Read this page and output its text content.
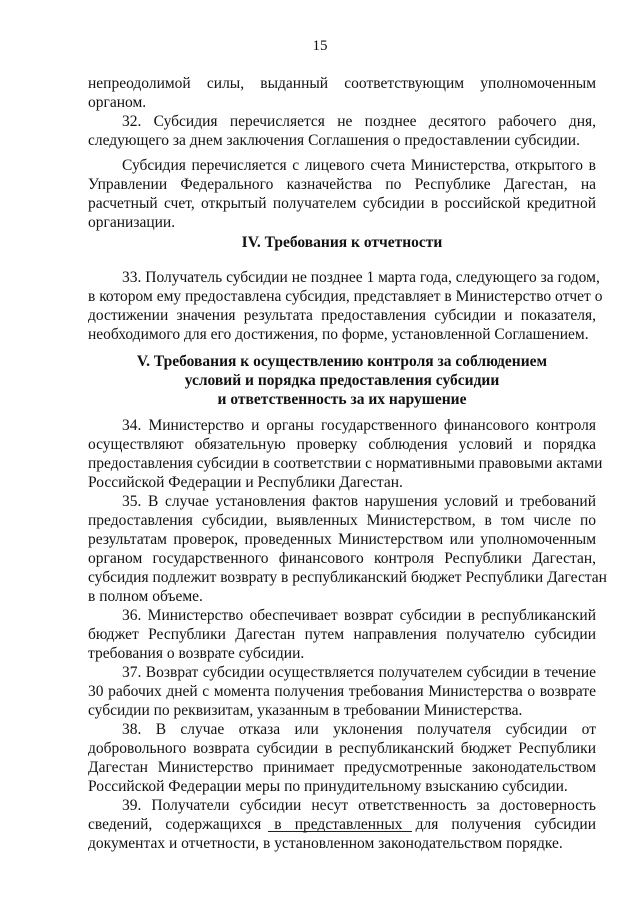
15
непреодолимой силы, выданный соответствующим уполномоченным
органом.
32. Субсидия перечисляется не позднее десятого рабочего дня,
следующего за днем заключения Соглашения о предоставлении субсидии.
Субсидия перечисляется с лицевого счета Министерства, открытого в
Управлении Федерального казначейства по Республике Дагестан, на
расчетный счет, открытый получателем субсидии в российской кредитной
организации.
IV. Требования к отчетности
33. Получатель субсидии не позднее 1 марта года, следующего за годом,
в котором ему предоставлена субсидия, представляет в Министерство отчет о
достижении значения результата предоставления субсидии и показателя,
необходимого для его достижения, по форме, установленной Соглашением.
V. Требования к осуществлению контроля за соблюдением
условий и порядка предоставления субсидии
и ответственность за их нарушение
34. Министерство и органы государственного финансового контроля
осуществляют обязательную проверку соблюдения условий и порядка
предоставления субсидии в соответствии с нормативными правовыми актами
Российской Федерации и Республики Дагестан.
35. В случае установления фактов нарушения условий и требований
предоставления субсидии, выявленных Министерством, в том числе по
результатам проверок, проведенных Министерством или уполномоченным
органом государственного финансового контроля Республики Дагестан,
субсидия подлежит возврату в республиканский бюджет Республики Дагестан
в полном объеме.
36. Министерство обеспечивает возврат субсидии в республиканский
бюджет Республики Дагестан путем направления получателю субсидии
требования о возврате субсидии.
37. Возврат субсидии осуществляется получателем субсидии в течение
30 рабочих дней с момента получения требования Министерства о возврате
субсидии по реквизитам, указанным в требовании Министерства.
38. В случае отказа или уклонения получателя субсидии от
добровольного возврата субсидии в республиканский бюджет Республики
Дагестан Министерство принимает предусмотренные законодательством
Российской Федерации меры по принудительному взысканию субсидии.
39. Получатели субсидии несут ответственность за достоверность
сведений, содержащихся в представленных для получения субсидии
документах и отчетности, в установленном законодательством порядке.
